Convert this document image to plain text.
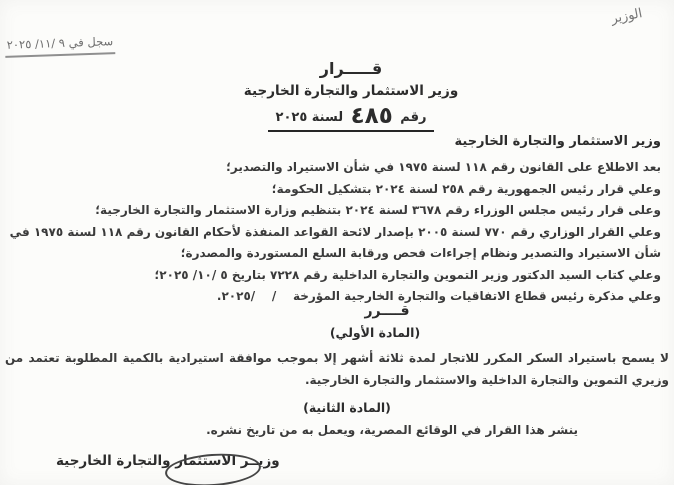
الوزير
سجل في ٩ /١١/ ٢٠٢٥
قـــــرار
وزير الاستثمار والتجارة الخارجية
رقم ٤٨٥ لسنة ٢٠٢٥
وزير الاستثمار والتجارة الخارجية
بعد الاطلاع على القانون رقم ١١٨ لسنة ١٩٧٥ في شأن الاستيراد والتصدير؛
وعلي قرار رئيس الجمهورية رقم ٢٥٨ لسنة ٢٠٢٤ بتشكيل الحكومة؛
وعلى قرار رئيس مجلس الوزراء رقم ٣٦٧٨ لسنة ٢٠٢٤ بتنظيم وزارة الاستثمار والتجارة الخارجية؛
وعلي القرار الوزاري رقم ٧٧٠ لسنة ٢٠٠٥ بإصدار لائحة القواعد المنفذة لأحكام القانون رقم ١١٨ لسنة ١٩٧٥ في شأن الاستيراد والتصدير ونظام إجراءات فحص ورقابة السلع المستوردة والمصدرة؛
وعلي كتاب السيد الدكتور وزير التموين والتجارة الداخلية رقم ٧٢٢٨ بتاريخ ٥ /١٠/ ٢٠٢٥؛
وعلي مذكرة رئيس قطاع الاتفاقيات والتجارة الخارجية المؤرخة    /    /٢٠٢٥.
قــــرر
(المادة الأولي)
لا يسمح باستيراد السكر المكرر للاتجار لمدة ثلاثة أشهر إلا بموجب موافقة استيرادية بالكمية المطلوبة تعتمد من وزيري التموين والتجارة الداخلية والاستثمار والتجارة الخارجية.
(المادة الثانية)
ينشر هذا القرار في الوقائع المصرية، ويعمل به من تاريخ نشره.
وزيــر الاستثمار والتجارة الخارجية
